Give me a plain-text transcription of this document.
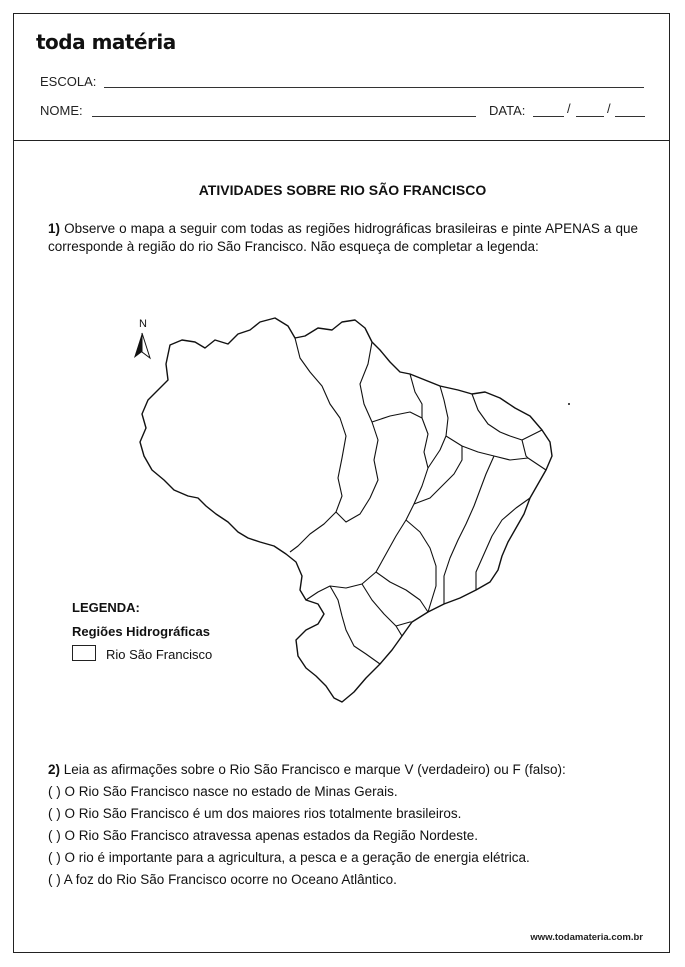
toda matéria
ESCOLA:
NOME:	DATA:	/	/
ATIVIDADES SOBRE RIO SÃO FRANCISCO
1) Observe o mapa a seguir com todas as regiões hidrográficas brasileiras e pinte APENAS a que corresponde à região do rio São Francisco. Não esqueça de completar a legenda:
N
LEGENDA:
Regiões Hidrográficas
Rio São Francisco
2) Leia as afirmações sobre o Rio São Francisco e marque V (verdadeiro) ou F (falso):
( ) O Rio São Francisco nasce no estado de Minas Gerais.
( ) O Rio São Francisco é um dos maiores rios totalmente brasileiros.
( ) O Rio São Francisco atravessa apenas estados da Região Nordeste.
( ) O rio é importante para a agricultura, a pesca e a geração de energia elétrica.
( ) A foz do Rio São Francisco ocorre no Oceano Atlântico.
www.todamateria.com.br
